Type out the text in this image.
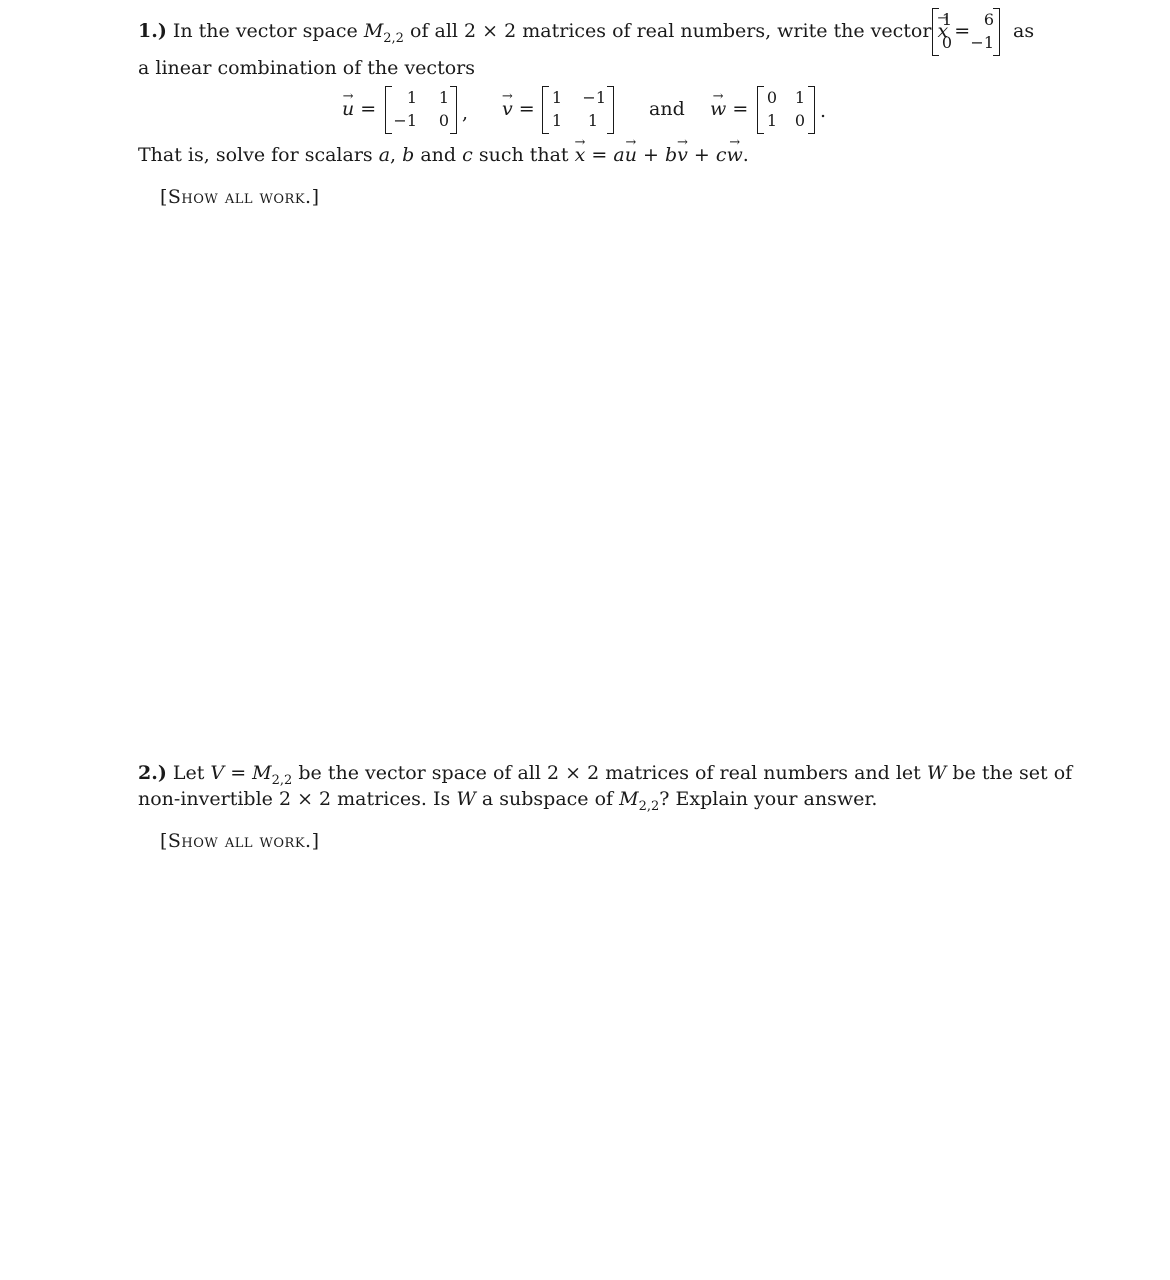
1.) In the vector space $M_{2,2}$ of all 2 × 2 matrices of real numbers, write the vector → x =
1	6
0 −1
as
a linear combination of the vectors
→ u =
1	1
−1	0 , → v =
1	−1
1	1
and → w =
0	1
1	0 .
That is, solve for scalars a, b and c such that → x = a→ u + b→ v + c→ w.
[Show all work.]
2.) Let $V = M_{2,2}$ be the vector space of all 2 × 2 matrices of real numbers and let W be the set of
non-invertible 2 × 2 matrices. Is W a subspace of $M_{2,2}$? Explain your answer.
[Show all work.]
